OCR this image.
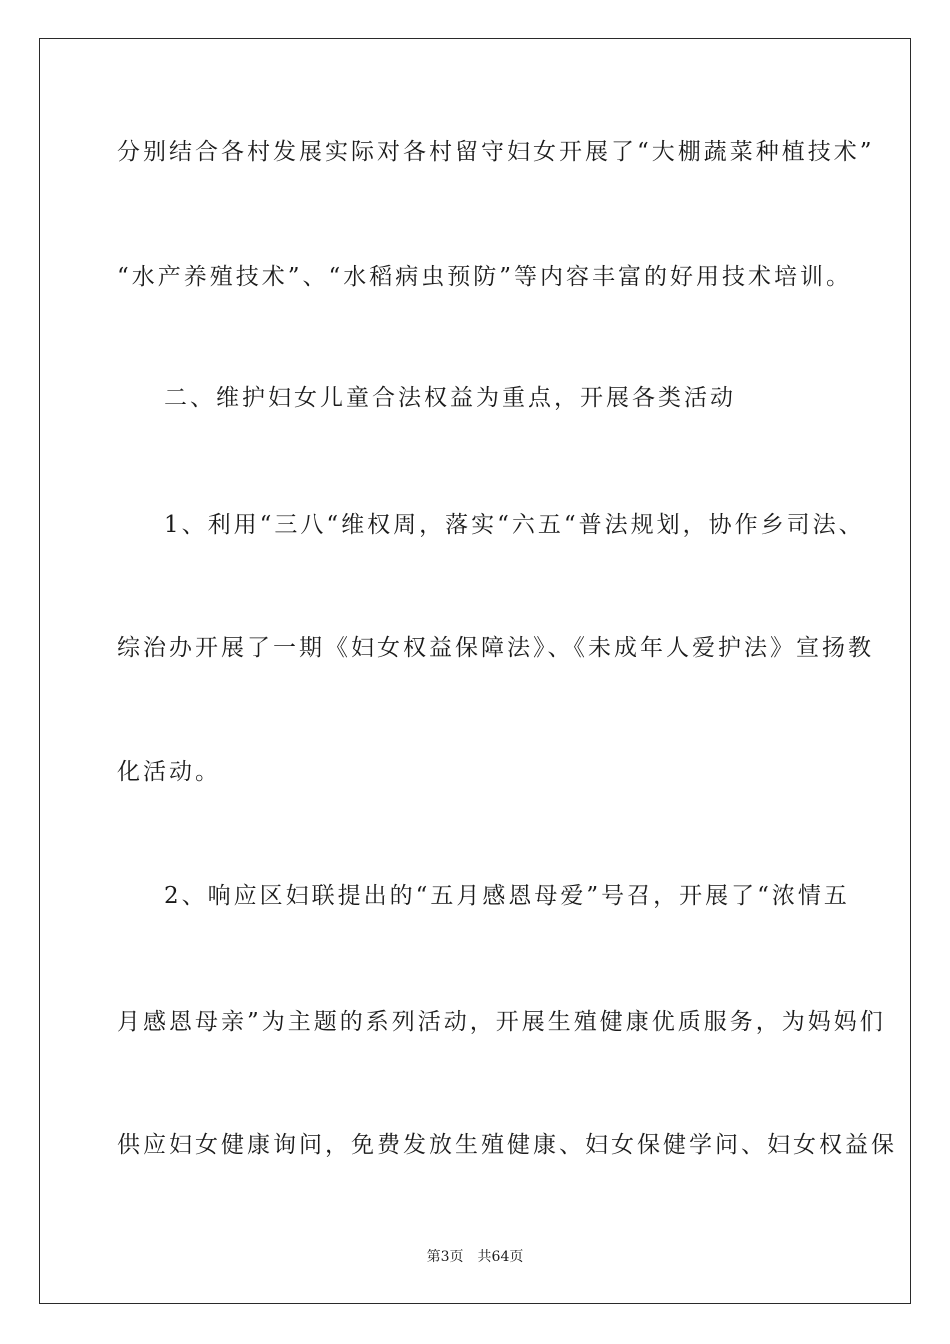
分别结合各村发展实际对各村留守妇女开展了“大棚蔬菜种植技术”
“水产养殖技术”、“水稻病虫预防”等内容丰富的好用技术培训。
二、维护妇女儿童合法权益为重点，开展各类活动
1、利用“三八“维权周，落实“六五“普法规划，协作乡司法、
综治办开展了一期《妇女权益保障法》、《未成年人爱护法》宣扬教
化活动。
2、响应区妇联提出的“五月感恩母爱”号召，开展了“浓情五
月感恩母亲”为主题的系列活动，开展生殖健康优质服务，为妈妈们
供应妇女健康询问，免费发放生殖健康、妇女保健学问、妇女权益保
第3页　共64页
